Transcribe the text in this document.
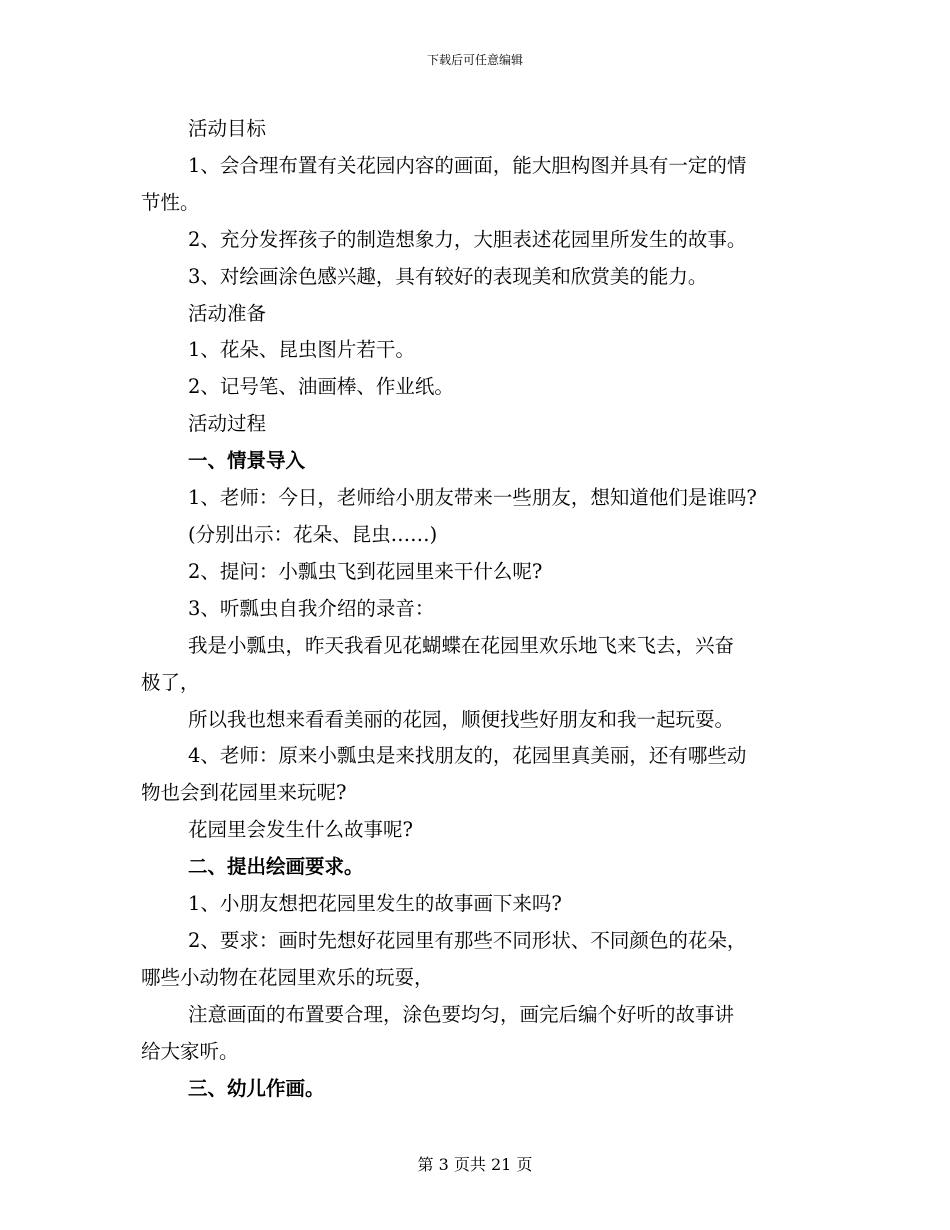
下载后可任意编辑
活动目标
1、会合理布置有关花园内容的画面，能大胆构图并具有一定的情
节性。
2、充分发挥孩子的制造想象力，大胆表述花园里所发生的故事。
3、对绘画涂色感兴趣，具有较好的表现美和欣赏美的能力。
活动准备
1、花朵、昆虫图片若干。
2、记号笔、油画棒、作业纸。
活动过程
一、情景导入
1、老师：今日，老师给小朋友带来一些朋友，想知道他们是谁吗?
(分别出示：花朵、昆虫……)
2、提问：小瓢虫飞到花园里来干什么呢?
3、听瓢虫自我介绍的录音：
我是小瓢虫，昨天我看见花蝴蝶在花园里欢乐地飞来飞去，兴奋
极了，
所以我也想来看看美丽的花园，顺便找些好朋友和我一起玩耍。
4、老师：原来小瓢虫是来找朋友的，花园里真美丽，还有哪些动
物也会到花园里来玩呢?
花园里会发生什么故事呢?
二、提出绘画要求。
1、小朋友想把花园里发生的故事画下来吗?
2、要求：画时先想好花园里有那些不同形状、不同颜色的花朵，
哪些小动物在花园里欢乐的玩耍，
注意画面的布置要合理，涂色要均匀，画完后编个好听的故事讲
给大家听。
三、幼儿作画。
第 3 页共 21 页
